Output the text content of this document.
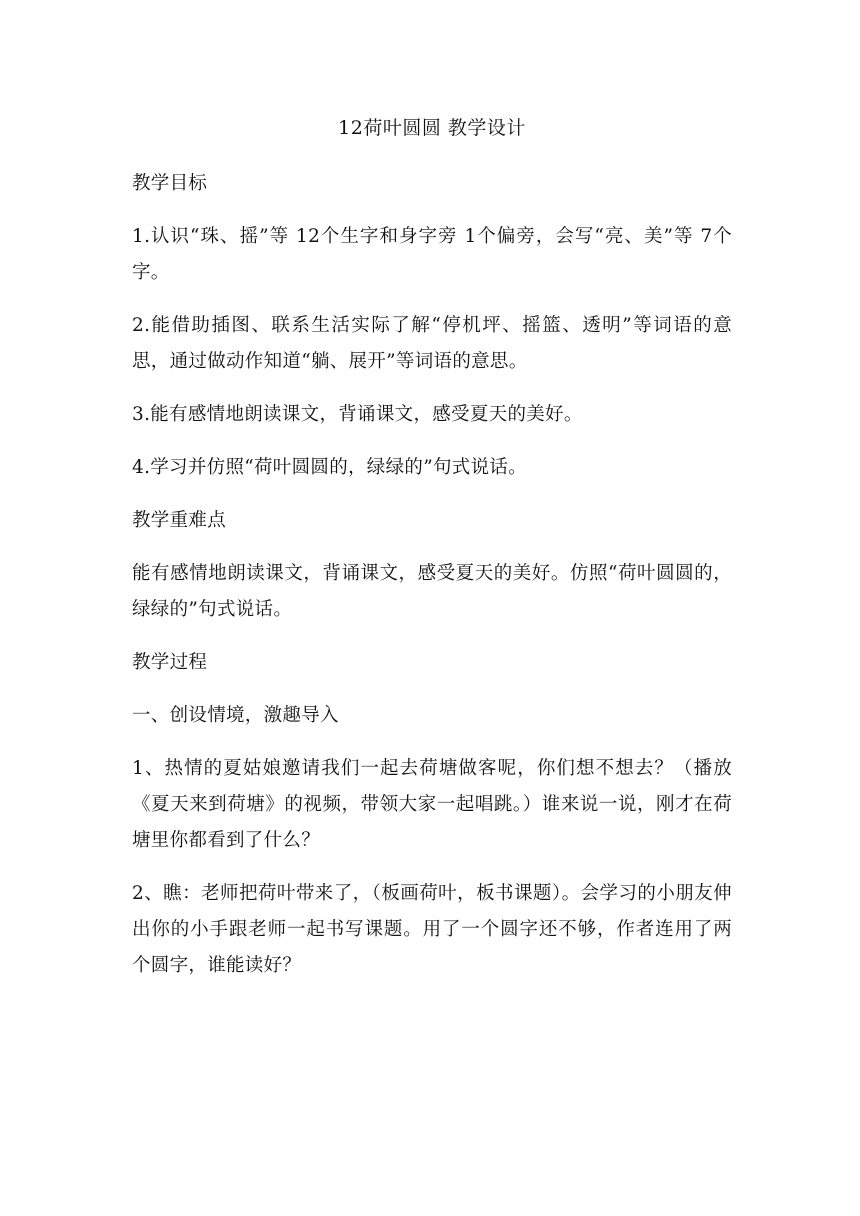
12荷叶圆圆 教学设计

教学目标

1.认识“珠、摇”等 12个生字和身字旁 1个偏旁，会写“亮、美”等 7个字。

2.能借助插图、联系生活实际了解“停机坪、摇篮、透明”等词语的意思，通过做动作知道“躺、展开”等词语的意思。

3.能有感情地朗读课文，背诵课文，感受夏天的美好。

4.学习并仿照“荷叶圆圆的，绿绿的”句式说话。

教学重难点

能有感情地朗读课文，背诵课文，感受夏天的美好。仿照“荷叶圆圆的，绿绿的”句式说话。

教学过程

一、创设情境，激趣导入

1、热情的夏姑娘邀请我们一起去荷塘做客呢，你们想不想去？（播放《夏天来到荷塘》的视频，带领大家一起唱跳。）谁来说一说，刚才在荷塘里你都看到了什么？

2、瞧：老师把荷叶带来了，（板画荷叶，板书课题）。会学习的小朋友伸出你的小手跟老师一起书写课题。用了一个圆字还不够，作者连用了两个圆字，谁能读好？
